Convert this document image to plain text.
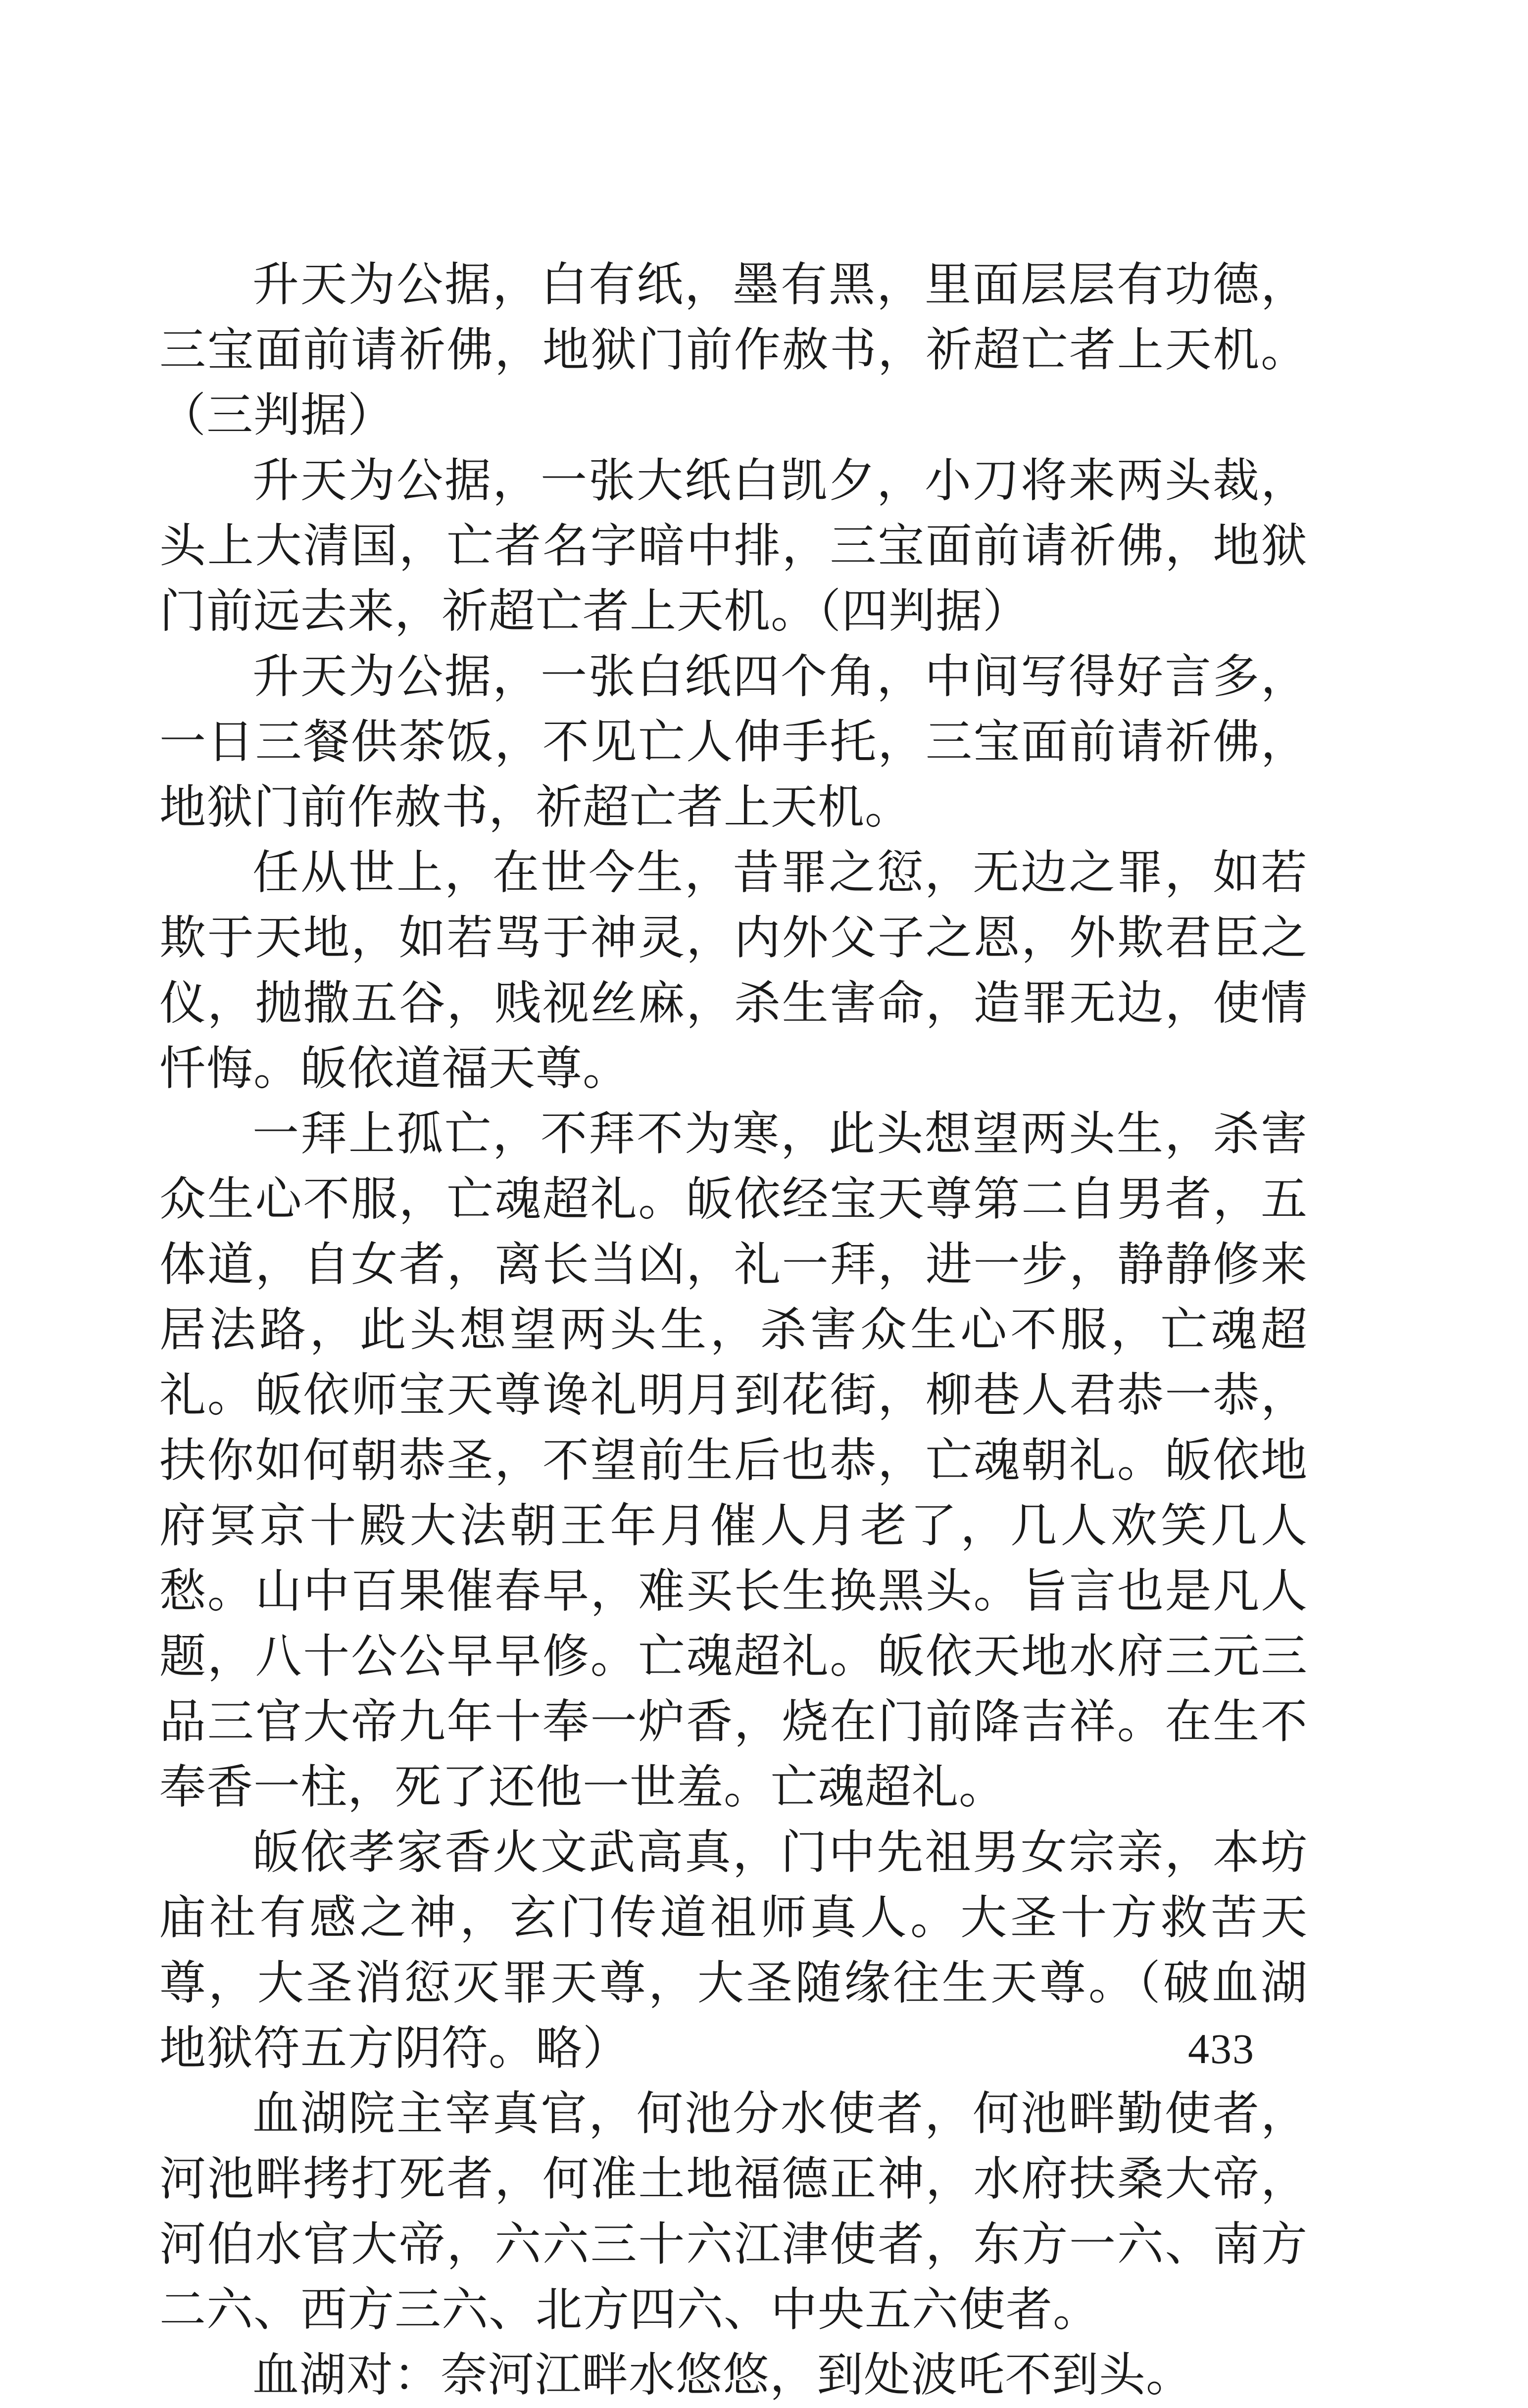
升天为公据，白有纸，墨有黑，里面层层有功德，三宝面前请祈佛，地狱门前作赦书，祈超亡者上天机。（三判据）

升天为公据，一张大纸白凯夕，小刀将来两头裁，头上大清国，亡者名字暗中排，三宝面前请祈佛，地狱门前远去来，祈超亡者上天机。（四判据）

升天为公据，一张白纸四个角，中间写得好言多，一日三餐供茶饭，不见亡人伸手托，三宝面前请祈佛，地狱门前作赦书，祈超亡者上天机。

任从世上，在世今生，昔罪之愆，无边之罪，如若欺于天地，如若骂于神灵，内外父子之恩，外欺君臣之仪，抛撒五谷，贱视丝麻，杀生害命，造罪无边，使情忏悔。皈依道福天尊。

一拜上孤亡，不拜不为寒，此头想望两头生，杀害众生心不服，亡魂超礼。皈依经宝天尊第二自男者，五体道，自女者，离长当凶，礼一拜，进一步，静静修来居法路，此头想望两头生，杀害众生心不服，亡魂超礼。皈依师宝天尊谗礼明月到花街，柳巷人君恭一恭，扶你如何朝恭圣，不望前生后也恭，亡魂朝礼。皈依地府冥京十殿大法朝王年月催人月老了，几人欢笑几人愁。山中百果催春早，难买长生换黑头。旨言也是凡人题，八十公公早早修。亡魂超礼。皈依天地水府三元三品三官大帝九年十奉一炉香，烧在门前降吉祥。在生不奉香一柱，死了还他一世羞。亡魂超礼。

皈依孝家香火文武高真，门中先祖男女宗亲，本坊庙社有感之神，玄门传道祖师真人。大圣十方救苦天尊，大圣消愆灭罪天尊，大圣随缘往生天尊。（破血湖地狱符五方阴符。略）

血湖院主宰真官，何池分水使者，何池畔勤使者，河池畔拷打死者，何准土地福德正神，水府扶桑大帝，河伯水官大帝，六六三十六江津使者，东方一六、南方二六、西方三六、北方四六、中央五六使者。

血湖对：奈河江畔水悠悠，到处波吒不到头。

433
